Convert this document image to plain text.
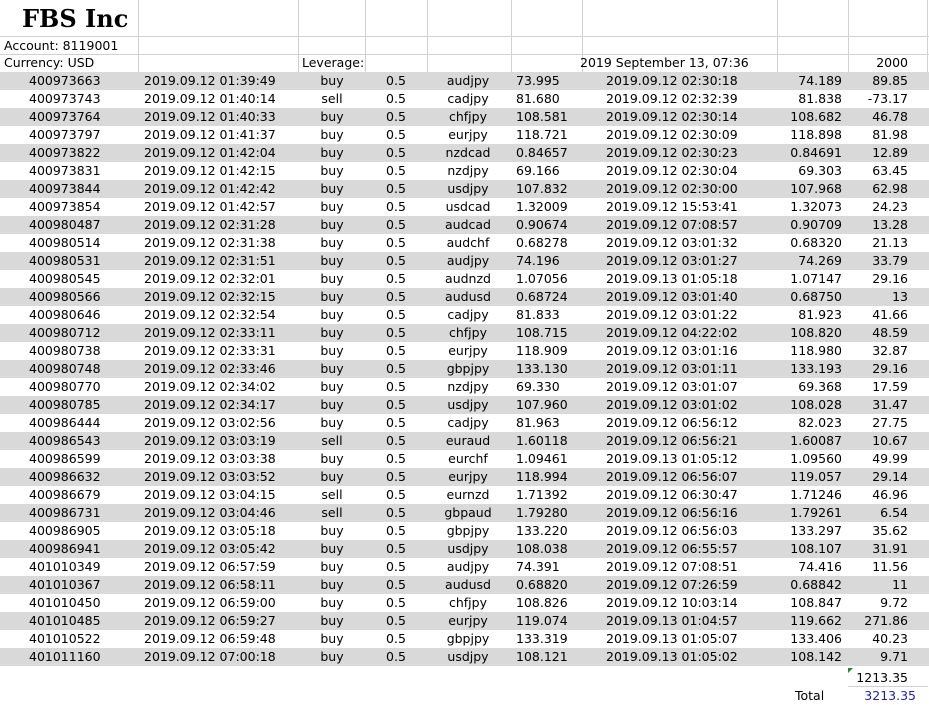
FBS Inc
Account: 8119001
Currency: USD	Leverage:	2019 September 13, 07:36	2000
400973663	2019.09.12 01:39:49	buy	0.5	audjpy	73.995	2019.09.12 02:30:18	74.189	89.85
400973743	2019.09.12 01:40:14	sell	0.5	cadjpy	81.680	2019.09.12 02:32:39	81.838	-73.17
400973764	2019.09.12 01:40:33	buy	0.5	chfjpy	108.581	2019.09.12 02:30:14	108.682	46.78
400973797	2019.09.12 01:41:37	buy	0.5	eurjpy	118.721	2019.09.12 02:30:09	118.898	81.98
400973822	2019.09.12 01:42:04	buy	0.5	nzdcad	0.84657	2019.09.12 02:30:23	0.84691	12.89
400973831	2019.09.12 01:42:15	buy	0.5	nzdjpy	69.166	2019.09.12 02:30:04	69.303	63.45
400973844	2019.09.12 01:42:42	buy	0.5	usdjpy	107.832	2019.09.12 02:30:00	107.968	62.98
400973854	2019.09.12 01:42:57	buy	0.5	usdcad	1.32009	2019.09.12 15:53:41	1.32073	24.23
400980487	2019.09.12 02:31:28	buy	0.5	audcad	0.90674	2019.09.12 07:08:57	0.90709	13.28
400980514	2019.09.12 02:31:38	buy	0.5	audchf	0.68278	2019.09.12 03:01:32	0.68320	21.13
400980531	2019.09.12 02:31:51	buy	0.5	audjpy	74.196	2019.09.12 03:01:27	74.269	33.79
400980545	2019.09.12 02:32:01	buy	0.5	audnzd	1.07056	2019.09.13 01:05:18	1.07147	29.16
400980566	2019.09.12 02:32:15	buy	0.5	audusd	0.68724	2019.09.12 03:01:40	0.68750	13
400980646	2019.09.12 02:32:54	buy	0.5	cadjpy	81.833	2019.09.12 03:01:22	81.923	41.66
400980712	2019.09.12 02:33:11	buy	0.5	chfjpy	108.715	2019.09.12 04:22:02	108.820	48.59
400980738	2019.09.12 02:33:31	buy	0.5	eurjpy	118.909	2019.09.12 03:01:16	118.980	32.87
400980748	2019.09.12 02:33:46	buy	0.5	gbpjpy	133.130	2019.09.12 03:01:11	133.193	29.16
400980770	2019.09.12 02:34:02	buy	0.5	nzdjpy	69.330	2019.09.12 03:01:07	69.368	17.59
400980785	2019.09.12 02:34:17	buy	0.5	usdjpy	107.960	2019.09.12 03:01:02	108.028	31.47
400986444	2019.09.12 03:02:56	buy	0.5	cadjpy	81.963	2019.09.12 06:56:12	82.023	27.75
400986543	2019.09.12 03:03:19	sell	0.5	euraud	1.60118	2019.09.12 06:56:21	1.60087	10.67
400986599	2019.09.12 03:03:38	buy	0.5	eurchf	1.09461	2019.09.13 01:05:12	1.09560	49.99
400986632	2019.09.12 03:03:52	buy	0.5	eurjpy	118.994	2019.09.12 06:56:07	119.057	29.14
400986679	2019.09.12 03:04:15	sell	0.5	eurnzd	1.71392	2019.09.12 06:30:47	1.71246	46.96
400986731	2019.09.12 03:04:46	sell	0.5	gbpaud	1.79280	2019.09.12 06:56:16	1.79261	6.54
400986905	2019.09.12 03:05:18	buy	0.5	gbpjpy	133.220	2019.09.12 06:56:03	133.297	35.62
400986941	2019.09.12 03:05:42	buy	0.5	usdjpy	108.038	2019.09.12 06:55:57	108.107	31.91
401010349	2019.09.12 06:57:59	buy	0.5	audjpy	74.391	2019.09.12 07:08:51	74.416	11.56
401010367	2019.09.12 06:58:11	buy	0.5	audusd	0.68820	2019.09.12 07:26:59	0.68842	11
401010450	2019.09.12 06:59:00	buy	0.5	chfjpy	108.826	2019.09.12 10:03:14	108.847	9.72
401010485	2019.09.12 06:59:27	buy	0.5	eurjpy	119.074	2019.09.13 01:04:57	119.662	271.86
401010522	2019.09.12 06:59:48	buy	0.5	gbpjpy	133.319	2019.09.13 01:05:07	133.406	40.23
401011160	2019.09.12 07:00:18	buy	0.5	usdjpy	108.121	2019.09.13 01:05:02	108.142	9.71
1213.35
Total	3213.35
